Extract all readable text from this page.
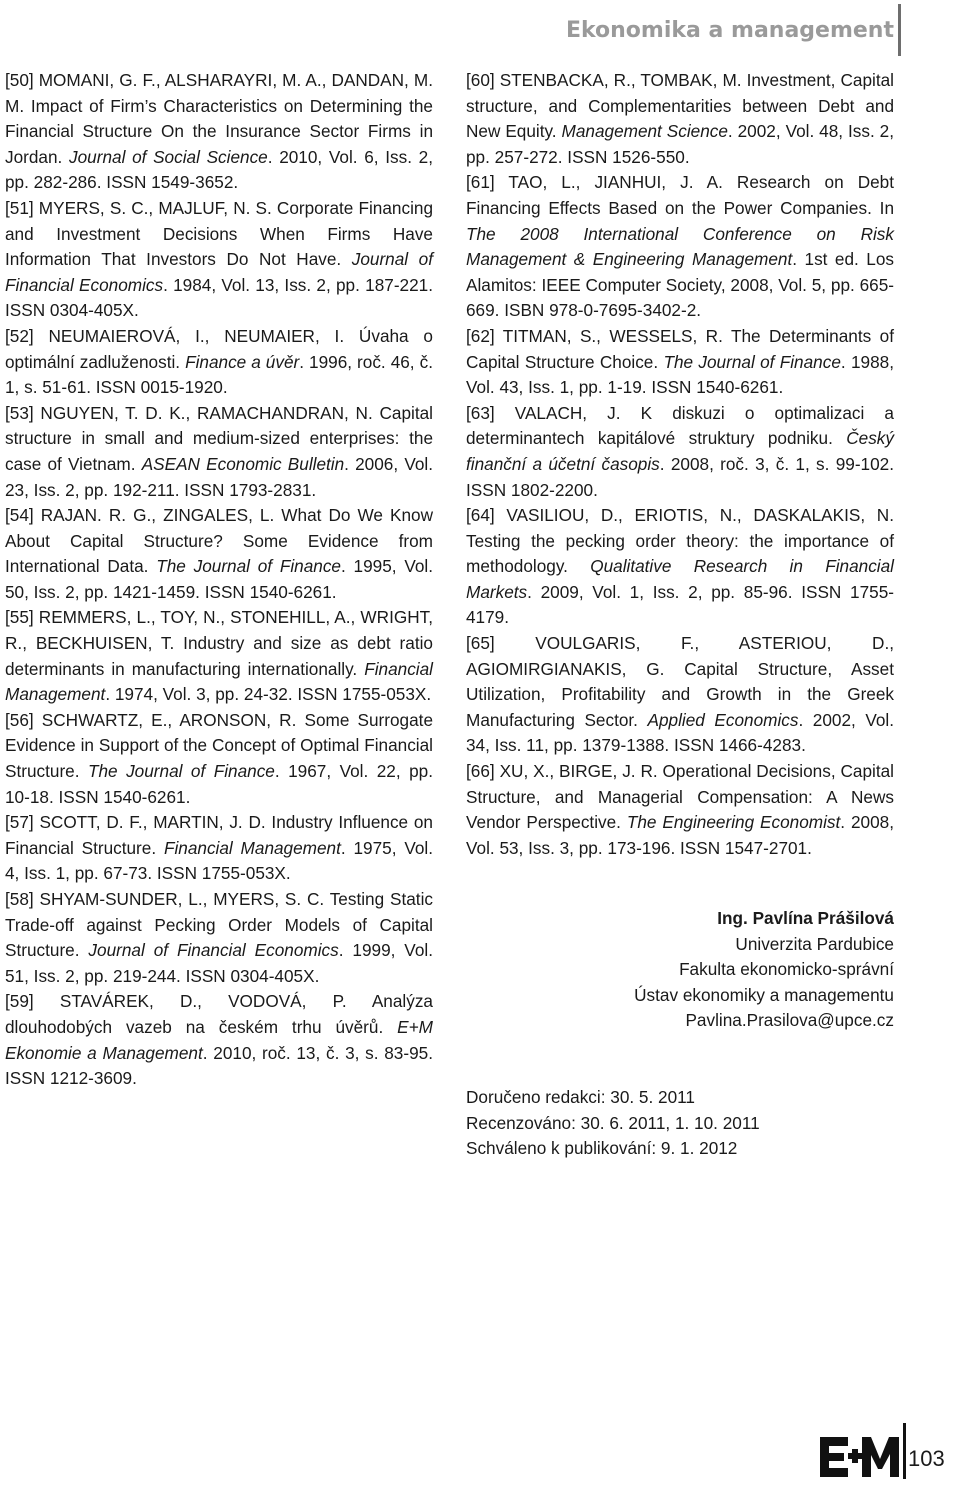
Ekonomika a management

[50] MOMANI, G. F., ALSHARAYRI, M. A., DANDAN, M. M. Impact of Firm’s Characteristics on Determining the Financial Structure On the Insurance Sector Firms in Jordan. Journal of Social Science. 2010, Vol. 6, Iss. 2, pp. 282-286. ISSN 1549-3652.

[51] MYERS, S. C., MAJLUF, N. S. Corporate Financing and Investment Decisions When Firms Have Information That Investors Do Not Have. Journal of Financial Economics. 1984, Vol. 13, Iss. 2, pp. 187-221. ISSN 0304-405X.

[52] NEUMAIEROVÁ, I., NEUMAIER, I. Úvaha o optimální zadluženosti. Finance a úvěr. 1996, roč. 46, č. 1, s. 51-61. ISSN 0015-1920.

[53] NGUYEN, T. D. K., RAMACHANDRAN, N. Capital structure in small and medium-sized enterprises: the case of Vietnam. ASEAN Economic Bulletin. 2006, Vol. 23, Iss. 2, pp. 192-211. ISSN 1793-2831.

[54] RAJAN. R. G., ZINGALES, L. What Do We Know About Capital Structure? Some Evidence from International Data. The Journal of Finance. 1995, Vol. 50, Iss. 2, pp. 1421-1459. ISSN 1540-6261.

[55] REMMERS, L., TOY, N., STONEHILL, A., WRIGHT, R., BECKHUISEN, T. Industry and size as debt ratio determinants in manufacturing internationally. Financial Management. 1974, Vol. 3, pp. 24-32. ISSN 1755-053X.

[56] SCHWARTZ, E., ARONSON, R. Some Surrogate Evidence in Support of the Concept of Optimal Financial Structure. The Journal of Finance. 1967, Vol. 22, pp. 10-18. ISSN 1540-6261.

[57] SCOTT, D. F., MARTIN, J. D. Industry Influence on Financial Structure. Financial Management. 1975, Vol. 4, Iss. 1, pp. 67-73. ISSN 1755-053X.

[58] SHYAM-SUNDER, L., MYERS, S. C. Testing Static Trade-off against Pecking Order Models of Capital Structure. Journal of Financial Economics. 1999, Vol. 51, Iss. 2, pp. 219-244. ISSN 0304-405X.

[59] STAVÁREK, D., VODOVÁ, P. Analýza dlouhodobých vazeb na českém trhu úvěrů. E+M Ekonomie a Management. 2010, roč. 13, č. 3, s. 83-95. ISSN 1212-3609.

[60] STENBACKA, R., TOMBAK, M. Investment, Capital structure, and Complementarities between Debt and New Equity. Management Science. 2002, Vol. 48, Iss. 2, pp. 257-272. ISSN 1526-550.

[61] TAO, L., JIANHUI, J. A. Research on Debt Financing Effects Based on the Power Companies. In The 2008 International Conference on Risk Management & Engineering Management. 1st ed. Los Alamitos: IEEE Computer Society, 2008, Vol. 5, pp. 665-669. ISBN 978-0-7695-3402-2.

[62] TITMAN, S., WESSELS, R. The Determinants of Capital Structure Choice. The Journal of Finance. 1988, Vol. 43, Iss. 1, pp. 1-19. ISSN 1540-6261.

[63] VALACH, J. K diskuzi o optimalizaci a determinantech kapitálové struktury podniku. Český finanční a účetní časopis. 2008, roč. 3, č. 1, s. 99-102. ISSN 1802-2200.

[64] VASILIOU, D., ERIOTIS, N., DASKALAKIS, N. Testing the pecking order theory: the importance of methodology. Qualitative Research in Financial Markets. 2009, Vol. 1, Iss. 2, pp. 85-96. ISSN 1755-4179.

[65] VOULGARIS, F., ASTERIOU, D., AGIOMIRGIANAKIS, G. Capital Structure, Asset Utilization, Profitability and Growth in the Greek Manufacturing Sector. Applied Economics. 2002, Vol. 34, Iss. 11, pp. 1379-1388. ISSN 1466-4283.

[66] XU, X., BIRGE, J. R. Operational Decisions, Capital Structure, and Managerial Compensation: A News Vendor Perspective. The Engineering Economist. 2008, Vol. 53, Iss. 3, pp. 173-196. ISSN 1547-2701.

Ing. Pavlína Prášilová
Univerzita Pardubice
Fakulta ekonomicko-správní
Ústav ekonomiky a managementu
Pavlina.Prasilova@upce.cz
Doručeno redakci: 30. 5. 2011
Recenzováno: 30. 6. 2011, 1. 10. 2011
Schváleno k publikování: 9. 1. 2012
103
